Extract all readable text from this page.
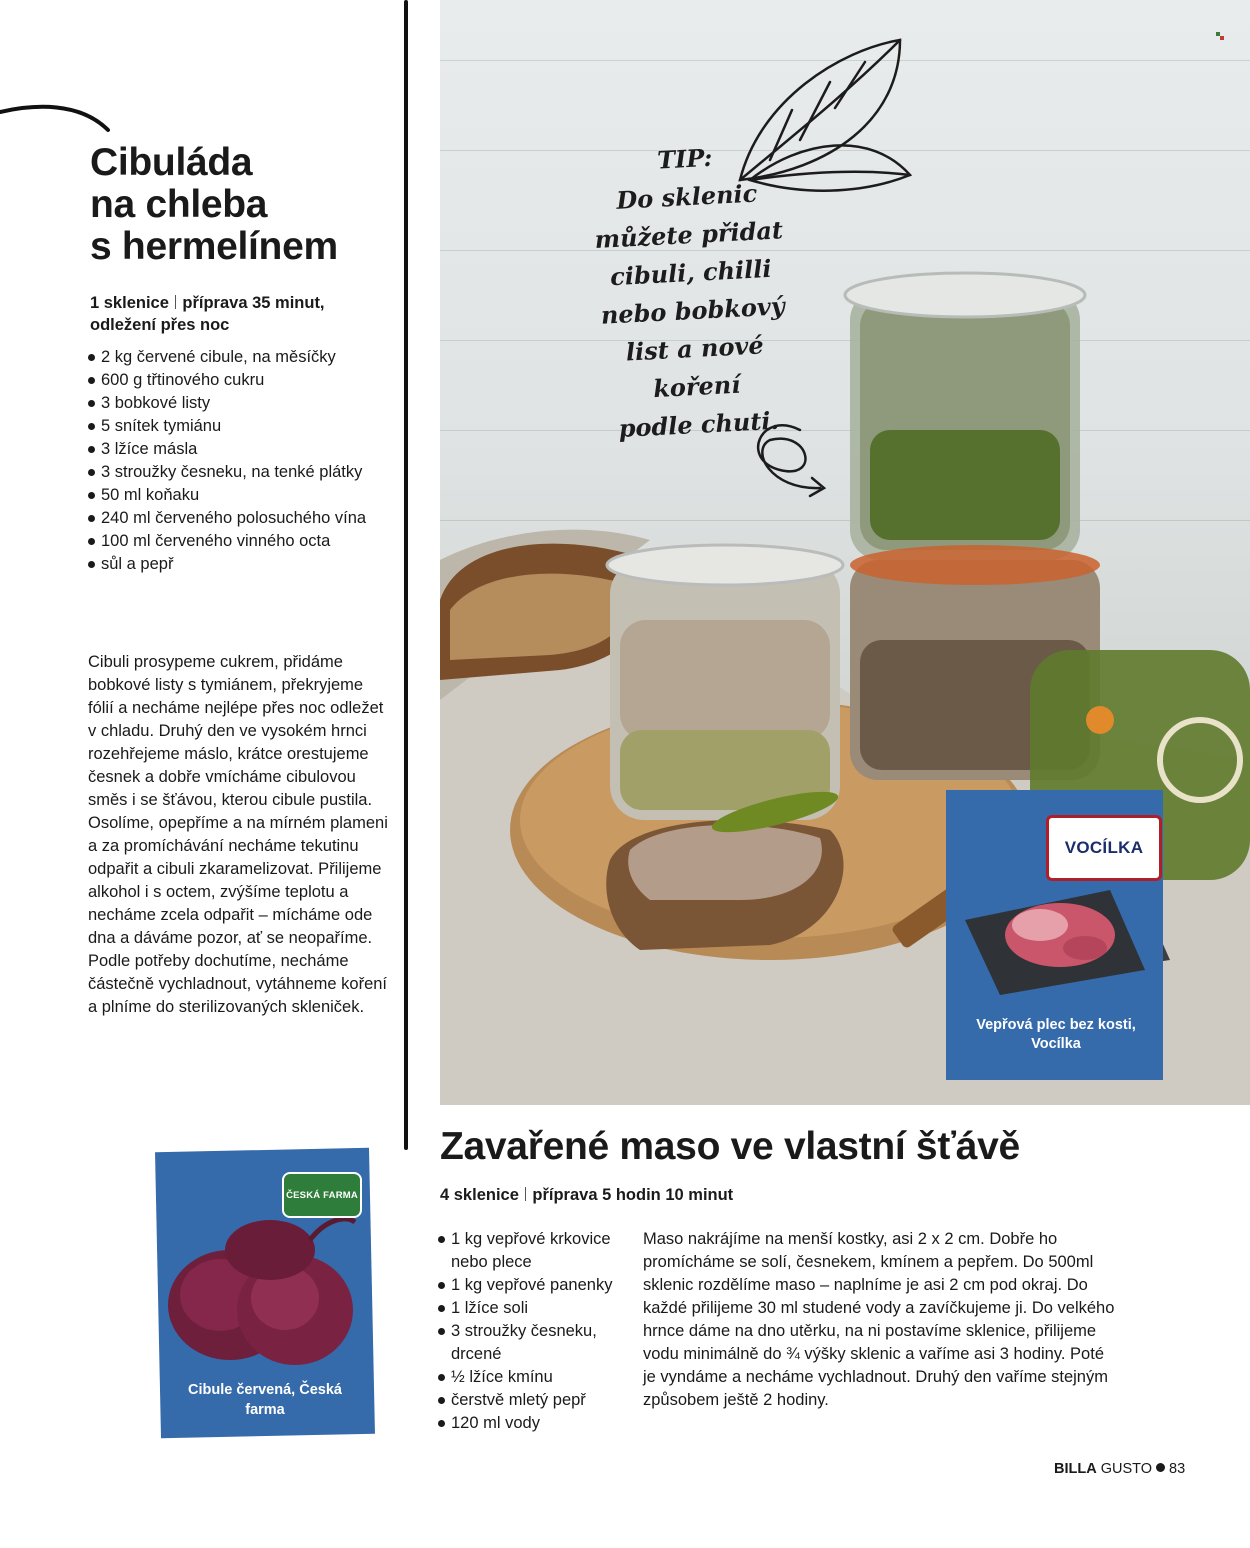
Cibuláda
na chleba
s hermelínem
1 sklenice příprava 35 minut,
odležení přes noc
2 kg červené cibule, na měsíčky
600 g třtinového cukru
3 bobkové listy
5 snítek tymiánu
3 lžíce másla
3 stroužky česneku, na tenké plátky
50 ml koňaku
240 ml červeného polosuchého vína
100 ml červeného vinného octa
sůl a pepř

Cibuli prosypeme cukrem, přidáme bobkové listy s tymiánem, překryjeme fólií a necháme nejlépe přes noc odležet v chladu. Druhý den ve vysokém hrnci rozehřejeme máslo, krátce orestujeme česnek a dobře vmícháme cibulovou směs i se šťávou, kterou cibule pustila. Osolíme, opepříme a na mírném plameni a za promíchávání necháme tekutinu odpařit a cibuli zkaramelizovat. Přilijeme alkohol i s octem, zvýšíme teplotu a necháme zcela odpařit – mícháme ode dna a dáváme pozor, ať se neopaříme. Podle potřeby dochutíme, necháme částečně vychladnout, vytáhneme koření a plníme do sterilizovaných skleniček.

TIP:
Do sklenic
můžete přidat
cibuli, chilli
nebo bobkový
list a nové koření
podle chuti.
VOCÍLKA
Vepřová plec bez kosti, Vocílka
ČESKÁ FARMA
Cibule červená, Česká farma
Zavařené maso ve vlastní šťávě
4 sklenice příprava 5 hodin 10 minut
1 kg vepřové krkovice nebo plece
1 kg vepřové panenky
1 lžíce soli
3 stroužky česneku, drcené
½ lžíce kmínu
čerstvě mletý pepř
120 ml vody

Maso nakrájíme na menší kostky, asi 2 x 2 cm. Dobře ho promícháme se solí, česnekem, kmínem a pepřem. Do 500ml sklenic rozdělíme maso – naplníme je asi 2 cm pod okraj. Do každé přilijeme 30 ml studené vody a zavíčkujeme ji. Do velkého hrnce dáme na dno utěrku, na ni postavíme sklenice, přilijeme vodu minimálně do ¾ výšky sklenic a vaříme asi 3 hodiny. Poté je vyndáme a necháme vychladnout. Druhý den vaříme stejným způsobem ještě 2 hodiny.

BILLA GUSTO 83
